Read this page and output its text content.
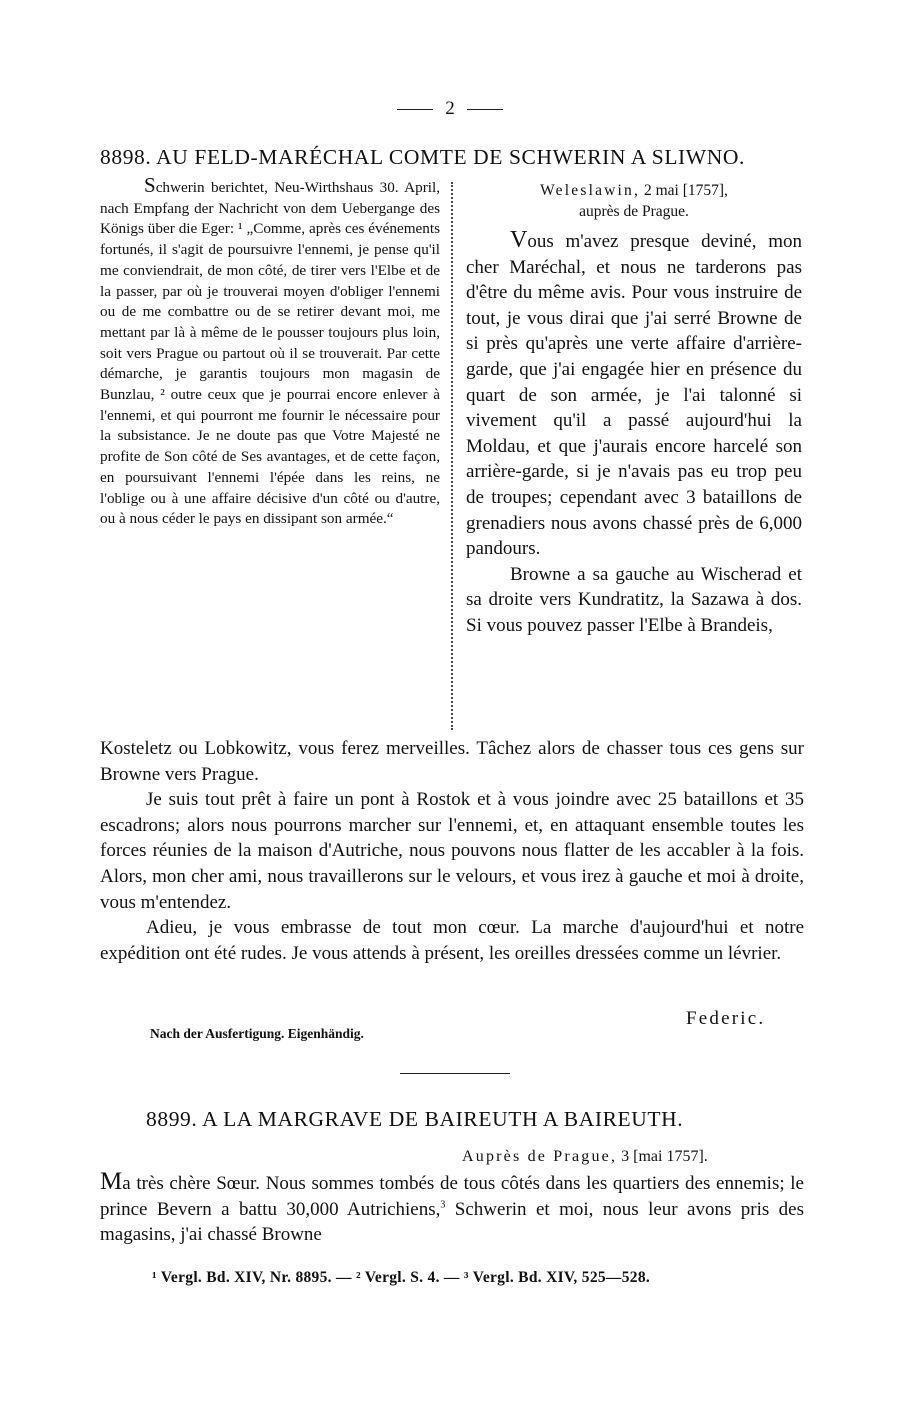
2
8898. AU FELD-MARÉCHAL COMTE DE SCHWERIN A SLIWNO.

Schwerin berichtet, Neu-Wirthshaus 30. April, nach Empfang der Nachricht von dem Uebergange des Königs über die Eger: ¹ „Comme, après ces événements fortunés, il s'agit de poursuivre l'ennemi, je pense qu'il me conviendrait, de mon côté, de tirer vers l'Elbe et de la passer, par où je trouverai moyen d'obliger l'ennemi ou de me combattre ou de se retirer devant moi, me mettant par là à même de le pousser toujours plus loin, soit vers Prague ou partout où il se trouverait. Par cette démarche, je garantis toujours mon magasin de Bunzlau, ² outre ceux que je pourrai encore enlever à l'ennemi, et qui pourront me fournir le nécessaire pour la subsistance. Je ne doute pas que Votre Majesté ne profite de Son côté de Ses avantages, et de cette façon, en poursuivant l'ennemi l'épée dans les reins, ne l'oblige ou à une affaire décisive d'un côté ou d'autre, ou à nous céder le pays en dissipant son armée.“

Weleslawin, 2 mai [1757],
auprès de Prague.

Vous m'avez presque deviné, mon cher Maréchal, et nous ne tarderons pas d'être du même avis. Pour vous instruire de tout, je vous dirai que j'ai serré Browne de si près qu'après une verte affaire d'arrière-garde, que j'ai engagée hier en présence du quart de son armée, je l'ai talonné si vivement qu'il a passé aujourd'hui la Moldau, et que j'aurais encore harcelé son arrière-garde, si je n'avais pas eu trop peu de troupes; cependant avec 3 bataillons de grenadiers nous avons chassé près de 6,000 pandours.

Browne a sa gauche au Wischerad et sa droite vers Kundratitz, la Sazawa à dos. Si vous pouvez passer l'Elbe à Brandeis,

Kosteletz ou Lobkowitz, vous ferez merveilles. Tâchez alors de chasser tous ces gens sur Browne vers Prague.

Je suis tout prêt à faire un pont à Rostok et à vous joindre avec 25 bataillons et 35 escadrons; alors nous pourrons marcher sur l'ennemi, et, en attaquant ensemble toutes les forces réunies de la maison d'Autriche, nous pouvons nous flatter de les accabler à la fois. Alors, mon cher ami, nous travaillerons sur le velours, et vous irez à gauche et moi à droite, vous m'entendez.

Adieu, je vous embrasse de tout mon cœur. La marche d'aujourd'hui et notre expédition ont été rudes. Je vous attends à présent, les oreilles dressées comme un lévrier.

Federic.
Nach der Ausfertigung. Eigenhändig.
8899. A LA MARGRAVE DE BAIREUTH A BAIREUTH.
Auprès de Prague, 3 [mai 1757].

Ma très chère Sœur. Nous sommes tombés de tous côtés dans les quartiers des ennemis; le prince Bevern a battu 30,000 Autrichiens,$^3$ Schwerin et moi, nous leur avons pris des magasins, j'ai chassé Browne

¹ Vergl. Bd. XIV, Nr. 8895. — ² Vergl. S. 4. — ³ Vergl. Bd. XIV, 525—528.
